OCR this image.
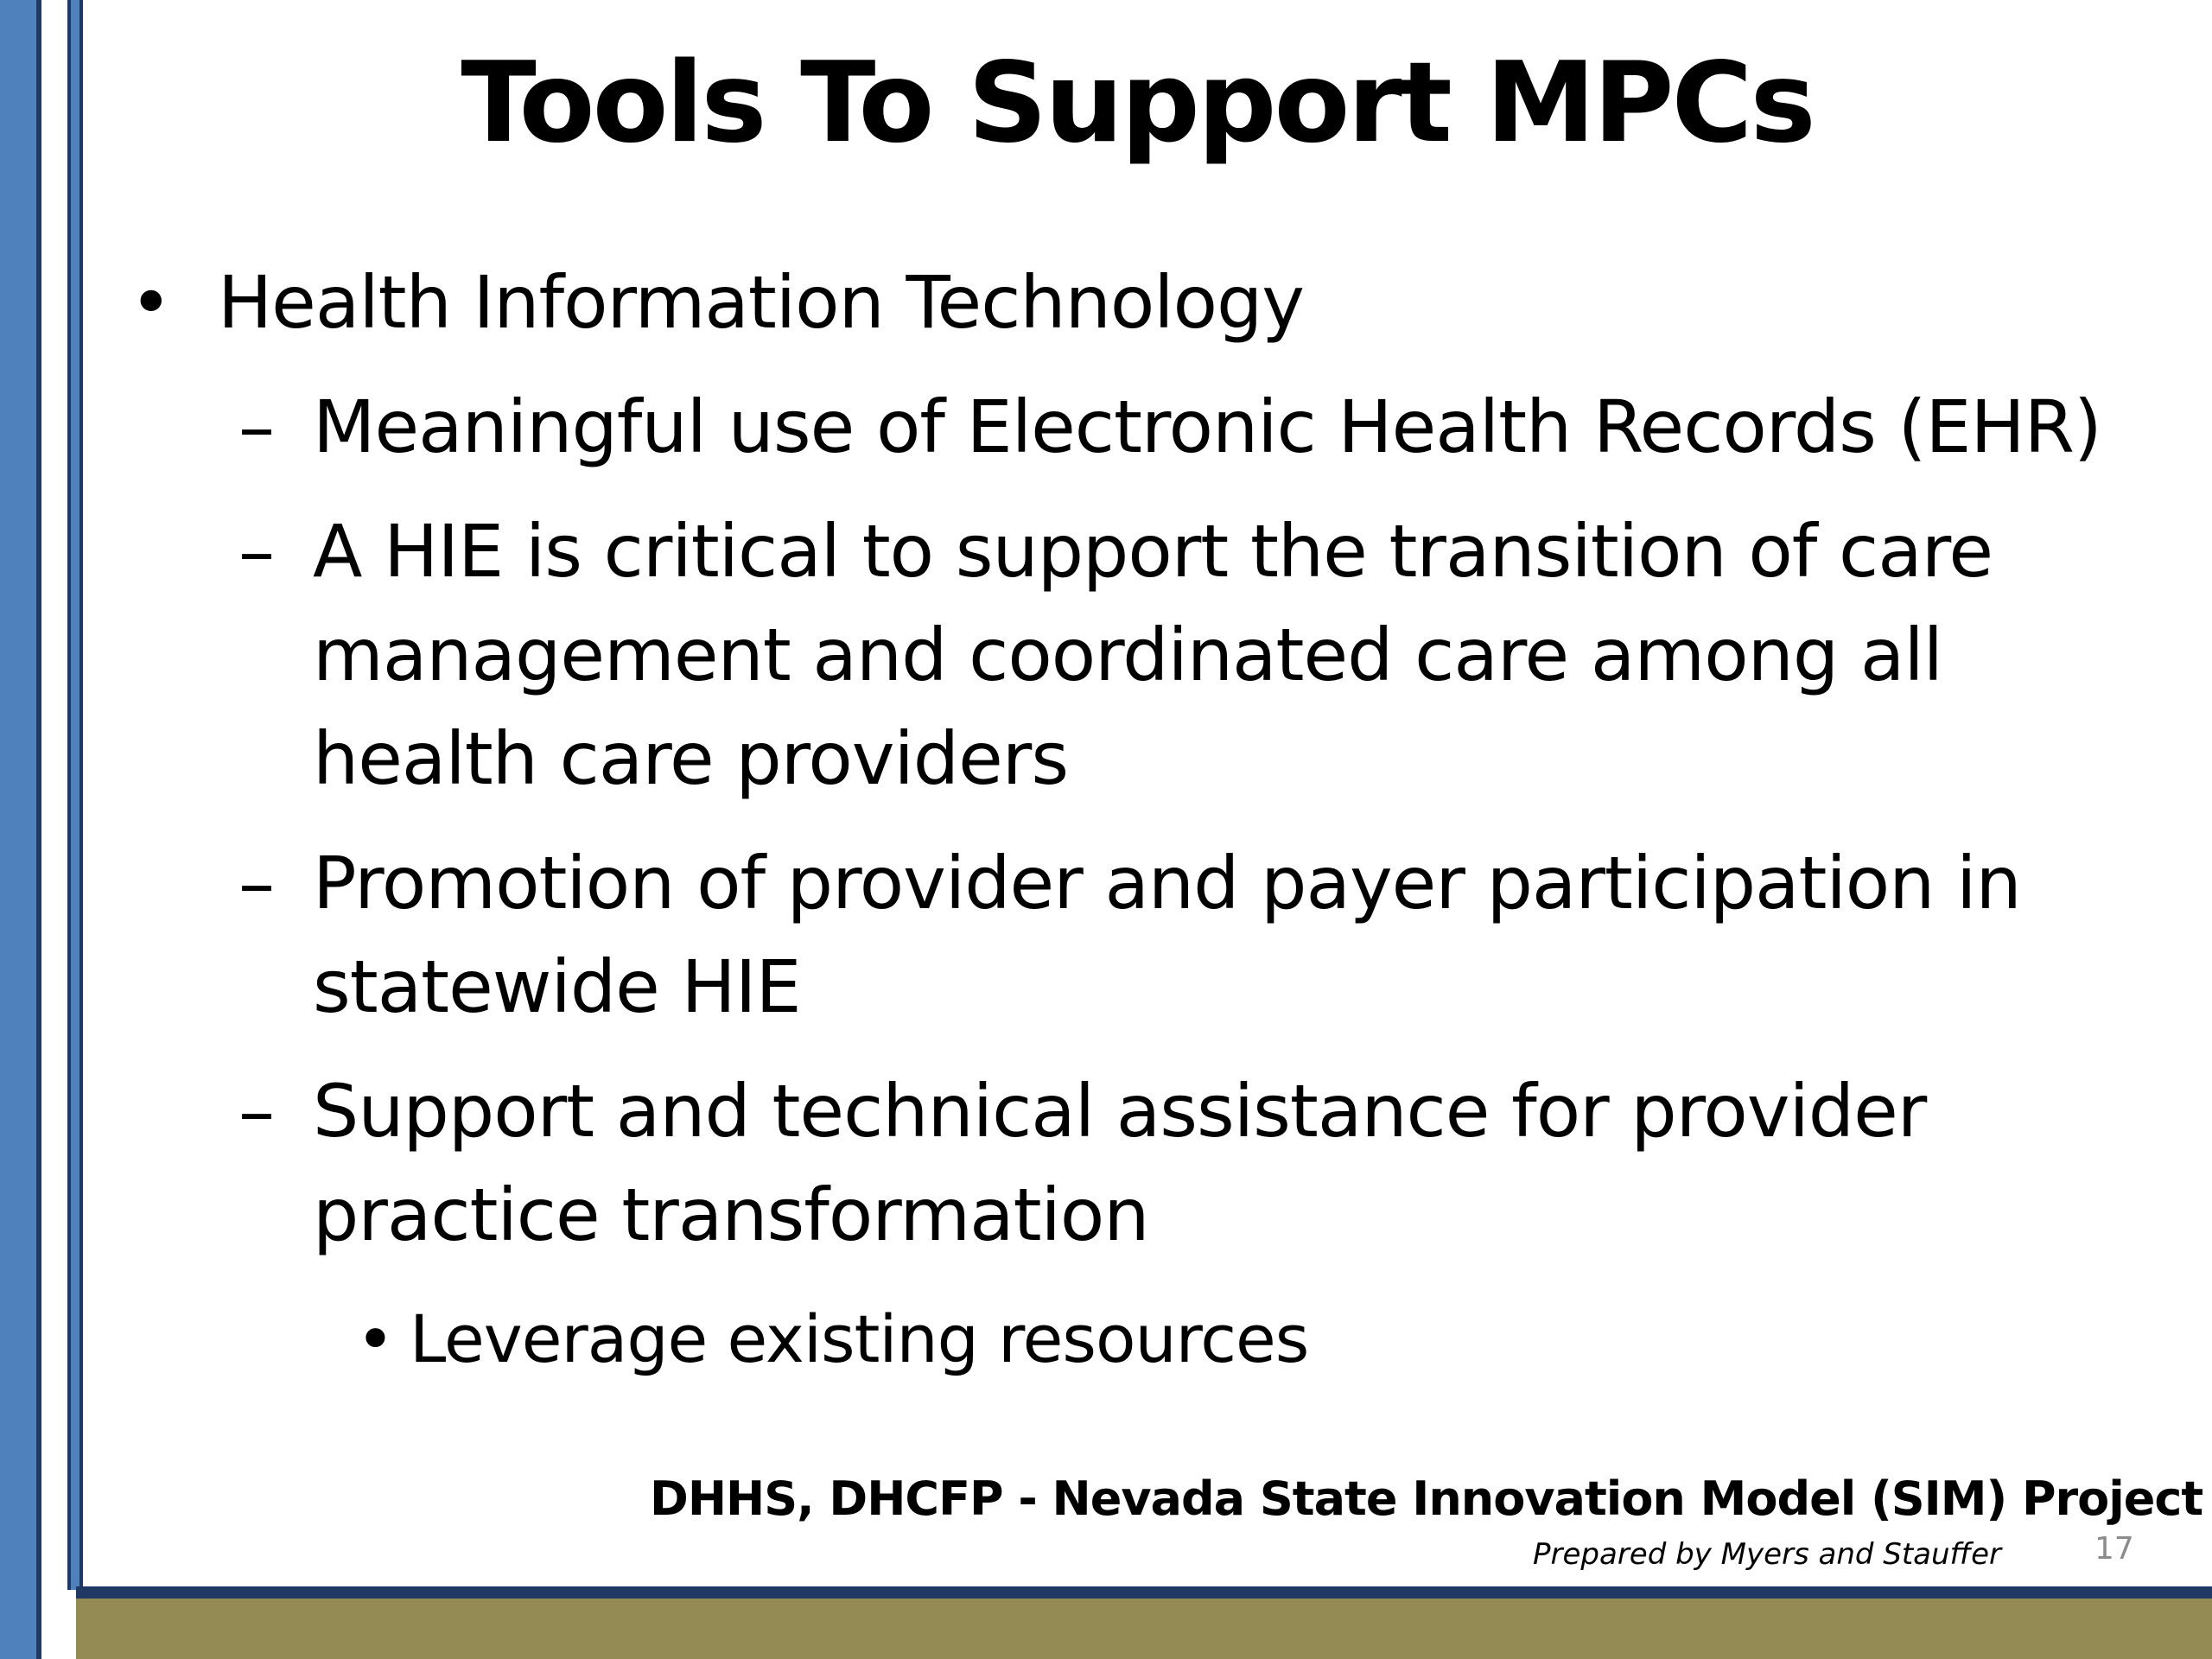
Tools To Support MPCs
• Health Information Technology
– Meaningful use of Electronic Health Records (EHR)
– A HIE is critical to support the transition of care management and coordinated care among all health care providers
– Promotion of provider and payer participation in statewide HIE
– Support and technical assistance for provider practice transformation
• Leverage existing resources
DHHS, DHCFP - Nevada State Innovation Model (SIM) Project
Prepared by Myers and Stauffer	17
